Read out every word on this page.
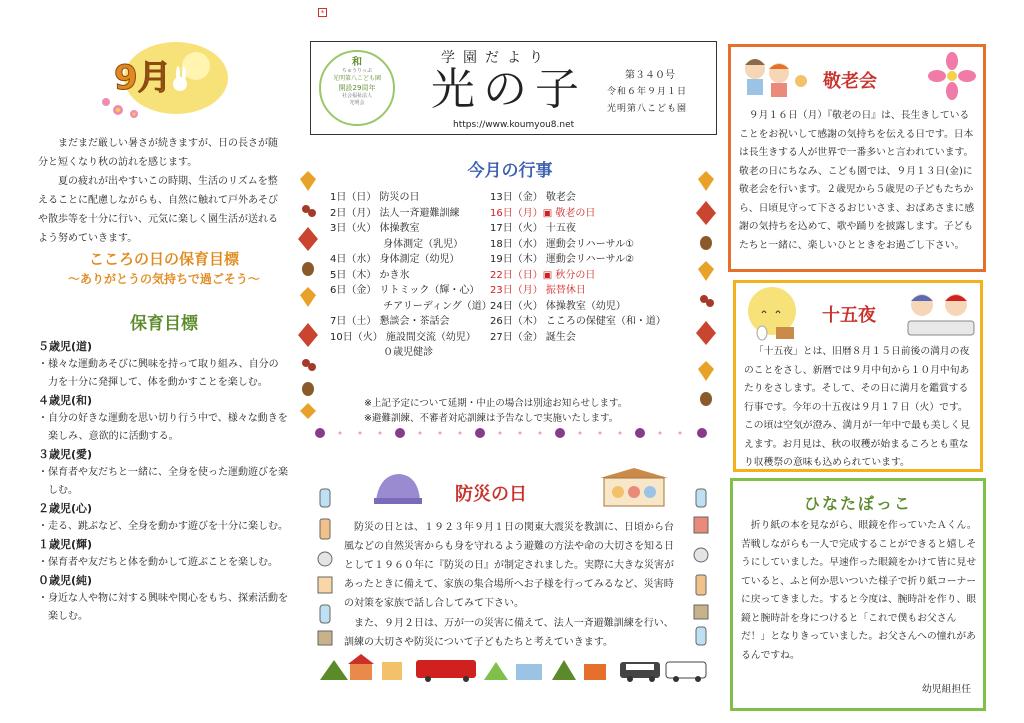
*
9月

まだまだ厳しい暑さが続きますが、日の長さが随分と短くなり秋の訪れを感じます。

夏の疲れが出やすいこの時期、生活のリズムを整えることに配慮しながらも、自然に触れて戸外あそびや散歩等を十分に行い、元気に楽しく園生活が送れるよう努めていきます。

こころの日の保育目標
～ありがとうの気持ちで過ごそう～
保育目標
５歳児(道)
・様々な運動あそびに興味を持って取り組み、自分の力を十分に発揮して、体を動かすことを楽しむ。
４歳児(和)
・自分の好きな運動を思い切り行う中で、様々な動きを楽しみ、意欲的に活動する。
３歳児(愛)
・保育者や友だちと一緒に、全身を使った運動遊びを楽しむ。
２歳児(心)
・走る、跳ぶなど、全身を動かす遊びを十分に楽しむ。
１歳児(輝)
・保育者や友だちと体を動かして遊ぶことを楽しむ。
０歳児(純)
・身近な人や物に対する興味や関心をもち、探索活動を楽しむ。
和
ちゅうりっぷ
光明第八こども園
開設29周年
社会福祉法人
光明会
学園だより
光の子	第３４０号
令和６年９月１日
光明第八こども園
https://www.koumyou8.net
今月の行事
1日（日） 防災の日	13日（金） 敬老会
2日（月） 法人一斉避難訓練	16日（月）▣ 敬老の日
3日（火） 体操教室	17日（火） 十五夜
　　　　　 身体測定（乳児）	18日（水） 運動会リハーサル①
4日（水） 身体測定（幼児）	19日（木） 運動会リハーサル②
5日（木） かき氷	22日（日）▣ 秋分の日
6日（金） リトミック（輝・心）	23日（月） 振替休日
　　　　　 チアリーディング（道）
24日（火） 体操教室（幼児）
7日（土） 懇談会・茶話会	26日（木） こころの保健室（和・道）
10日（火） 施設間交流（幼児）	27日（金） 誕生会
　　　　　 ０歳児健診
※上記予定について延期・中止の場合は別途お知らせします。
※避難訓練、不審者対応訓練は予告なしで実施いたします。
防災の日

防災の日とは、１９２３年９月１日の関東大震災を教訓に、日頃から台風などの自然災害からも身を守れるよう避難の方法や命の大切さを知る日として１９６０年に『防災の日』が制定されました。実際に大きな災害があったときに備えて、家族の集合場所へお子様を行ってみるなど、災害時の対策を家族で話し合してみて下さい。

また、９月２日は、万が一の災害に備えて、法人一斉避難訓練を行い、訓練の大切さや防災について子どもたちと考えていきます。

敬老会

９月１６日（月）『敬老の日』は、長生きしていることをお祝いして感謝の気持ちを伝える日です。日本は長生きする人が世界で一番多いと言われています。敬老の日にちなみ、こども園では、９月１３日(金)に敬老会を行います。２歳児から５歳児の子どもたちから、日頃見守って下さるおじいさま、おばあさまに感謝の気持ちを込めて、歌や踊りを披露します。子どもたちと一緒に、楽しいひとときをお過ごし下さい。

十五夜

「十五夜」とは、旧暦８月１５日前後の満月の夜のことをさし、新暦では９月中旬から１０月中旬あたりをさします。そして、その日に満月を鑑賞する行事です。今年の十五夜は９月１７日（火）です。この頃は空気が澄み、満月が一年中で最も美しく見えます。お月見は、秋の収穫が始まるころとも重なり収穫祭の意味も込められています。

ひなたぼっこ

折り紙の本を見ながら、眼鏡を作っていたＡくん。苦戦しながらも一人で完成することができると嬉しそうにしていました。早速作った眼鏡をかけて皆に見せていると、ふと何か思いついた様子で折り紙コーナーに戻ってきました。すると今度は、腕時計を作り、眼鏡と腕時計を身につけると「これで僕もお父さんだ！」となりきっていました。お父さんへの憧れがあるんですね。

幼児組担任
